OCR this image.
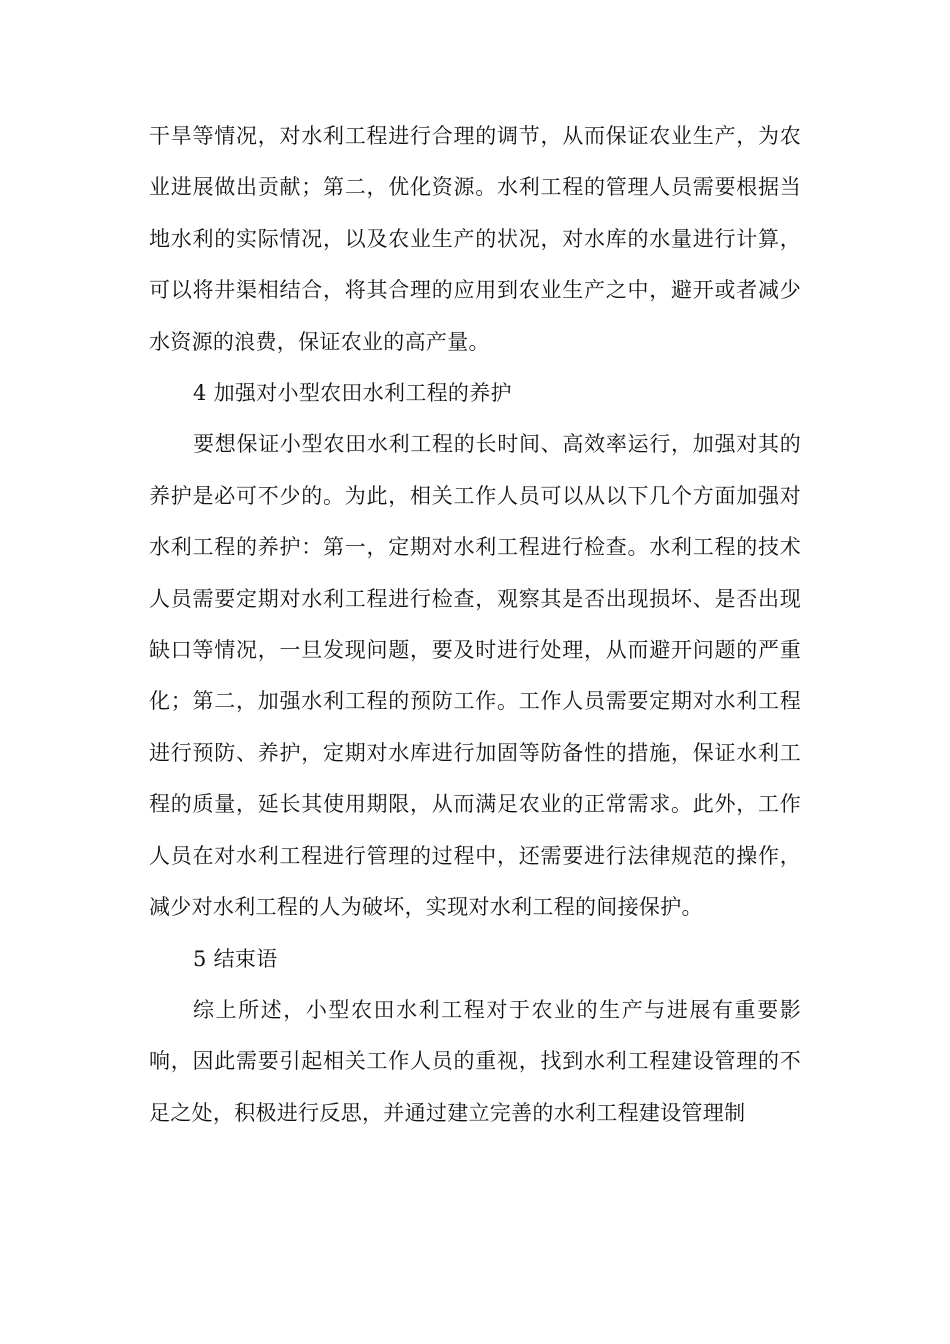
干旱等情况，对水利工程进行合理的调节，从而保证农业生产，为农业进展做出贡献；第二，优化资源。水利工程的管理人员需要根据当地水利的实际情况，以及农业生产的状况，对水库的水量进行计算，可以将井渠相结合，将其合理的应用到农业生产之中，避开或者减少水资源的浪费，保证农业的高产量。

4 加强对小型农田水利工程的养护

要想保证小型农田水利工程的长时间、高效率运行，加强对其的养护是必可不少的。为此，相关工作人员可以从以下几个方面加强对水利工程的养护：第一，定期对水利工程进行检查。水利工程的技术人员需要定期对水利工程进行检查，观察其是否出现损坏、是否出现缺口等情况，一旦发现问题，要及时进行处理，从而避开问题的严重化；第二，加强水利工程的预防工作。工作人员需要定期对水利工程进行预防、养护，定期对水库进行加固等防备性的措施，保证水利工程的质量，延长其使用期限，从而满足农业的正常需求。此外，工作人员在对水利工程进行管理的过程中，还需要进行法律规范的操作，减少对水利工程的人为破坏，实现对水利工程的间接保护。

5 结束语

综上所述，小型农田水利工程对于农业的生产与进展有重要影响，因此需要引起相关工作人员的重视，找到水利工程建设管理的不足之处，积极进行反思，并通过建立完善的水利工程建设管理制
